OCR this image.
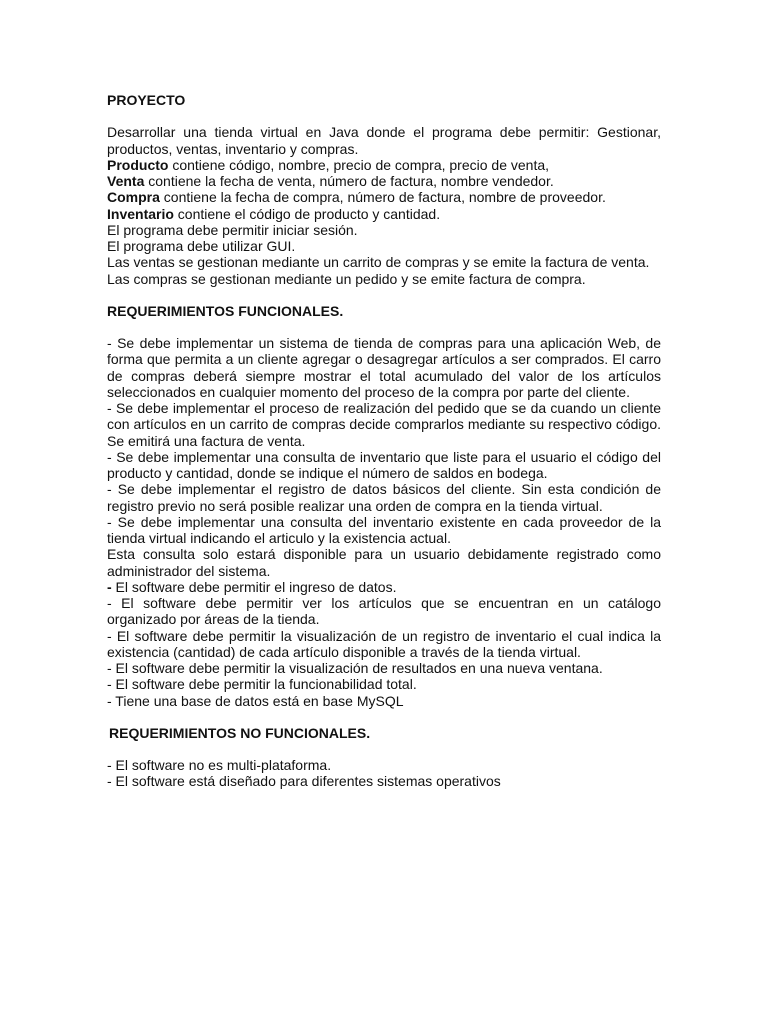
PROYECTO

Desarrollar una tienda virtual en Java donde el programa debe permitir: Gestionar, productos, ventas, inventario y compras.

Producto contiene código, nombre, precio de compra, precio de venta,

Venta contiene la fecha de venta, número de factura, nombre vendedor.

Compra contiene la fecha de compra, número de factura, nombre de proveedor.

Inventario contiene el código de producto y cantidad.

El programa debe permitir iniciar sesión.

El programa debe utilizar GUI.

Las ventas se gestionan mediante un carrito de compras y se emite la factura de venta.

Las compras se gestionan mediante un pedido y se emite factura de compra.

REQUERIMIENTOS FUNCIONALES.

- Se debe implementar un sistema de tienda de compras para una aplicación Web, de forma que permita a un cliente agregar o desagregar artículos a ser comprados. El carro de compras deberá siempre mostrar el total acumulado del valor de los artículos seleccionados en cualquier momento del proceso de la compra por parte del cliente.

- Se debe implementar el proceso de realización del pedido que se da cuando un cliente con artículos en un carrito de compras decide comprarlos mediante su respectivo código. Se emitirá una factura de venta.

- Se debe implementar una consulta de inventario que liste para el usuario el código del producto y cantidad, donde se indique el número de saldos en bodega.

- Se debe implementar el registro de datos básicos del cliente. Sin esta condición de registro previo no será posible realizar una orden de compra en la tienda virtual.

- Se debe implementar una consulta del inventario existente en cada proveedor de la tienda virtual indicando el articulo y la existencia actual.

Esta consulta solo estará disponible para un usuario debidamente registrado como administrador del sistema.

- El software debe permitir el ingreso de datos.

- El software debe permitir ver los artículos que se encuentran en un catálogo organizado por áreas de la tienda.

- El software debe permitir la visualización de un registro de inventario el cual indica la existencia (cantidad) de cada artículo disponible a través de la tienda virtual.

- El software debe permitir la visualización de resultados en una nueva ventana.

- El software debe permitir la funcionabilidad total.

- Tiene una base de datos está en base MySQL

REQUERIMIENTOS NO FUNCIONALES.

- El software no es multi-plataforma.

- El software está diseñado para diferentes sistemas operativos
